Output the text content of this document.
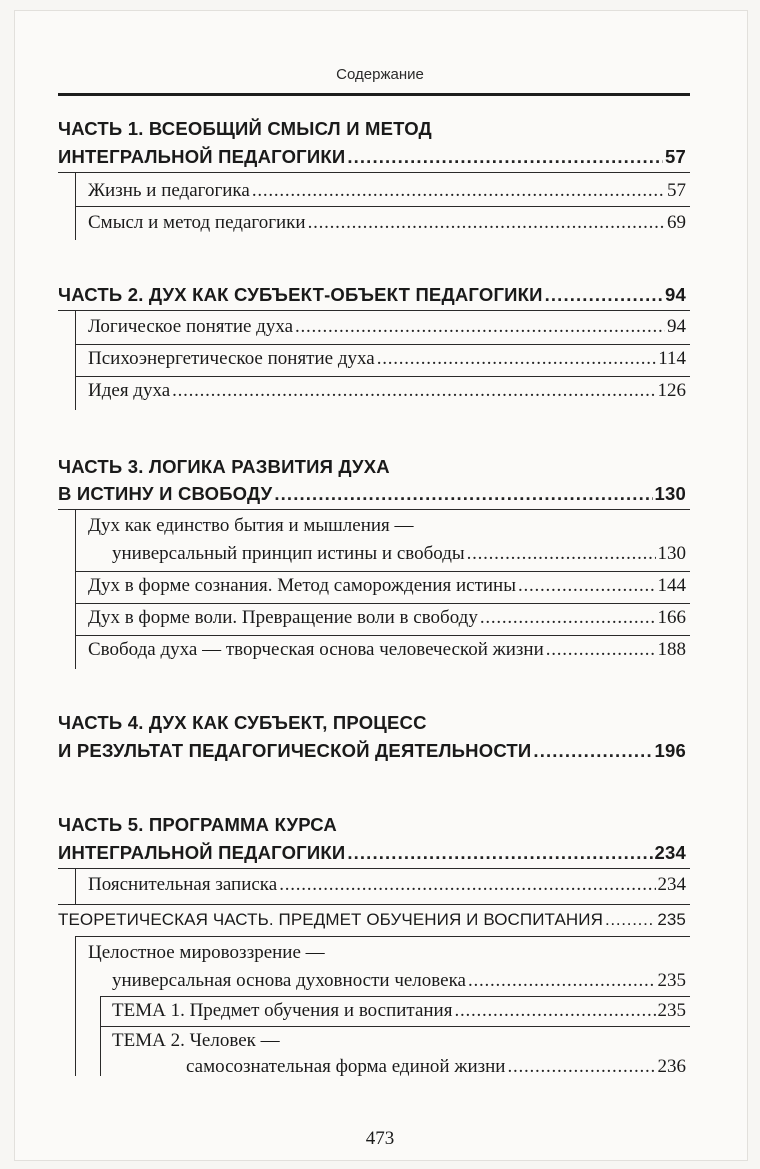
Содержание
ЧАСТЬ 1. ВСЕОБЩИЙ СМЫСЛ И МЕТОД
ИНТЕГРАЛЬНОЙ ПЕДАГОГИКИ . . .	57
Жизнь и педагогика . . .	57
Смысл и метод педагогики . . .	69
ЧАСТЬ 2. ДУХ КАК СУБЪЕКТ-ОБЪЕКТ ПЕДАГОГИКИ . . .	94
Логическое понятие духа . . .	94
Психоэнергетическое понятие духа . . .	114
Идея духа . . .	126
ЧАСТЬ 3. ЛОГИКА РАЗВИТИЯ ДУХА
В ИСТИНУ И СВОБОДУ . . .	130
Дух как единство бытия и мышления —
универсальный принцип истины и свободы . . .	130
Дух в форме сознания. Метод саморождения истины . . .	144
Дух в форме воли. Превращение воли в свободу . . .	166
Свобода духа — творческая основа человеческой жизни . . .	188
ЧАСТЬ 4. ДУХ КАК СУБЪЕКТ, ПРОЦЕСС
И РЕЗУЛЬТАТ ПЕДАГОГИЧЕСКОЙ ДЕЯТЕЛЬНОСТИ . . .	196
ЧАСТЬ 5. ПРОГРАММА КУРСА
ИНТЕГРАЛЬНОЙ ПЕДАГОГИКИ . . .	234
Пояснительная записка . . .	234
ТЕОРЕТИЧЕСКАЯ ЧАСТЬ. ПРЕДМЕТ ОБУЧЕНИЯ И ВОСПИТАНИЯ . . .	235
Целостное мировоззрение —
универсальная основа духовности человека . . .	235
ТЕМА 1. Предмет обучения и воспитания . . .	235
ТЕМА 2. Человек —
самосознательная форма единой жизни . . .	236
473
